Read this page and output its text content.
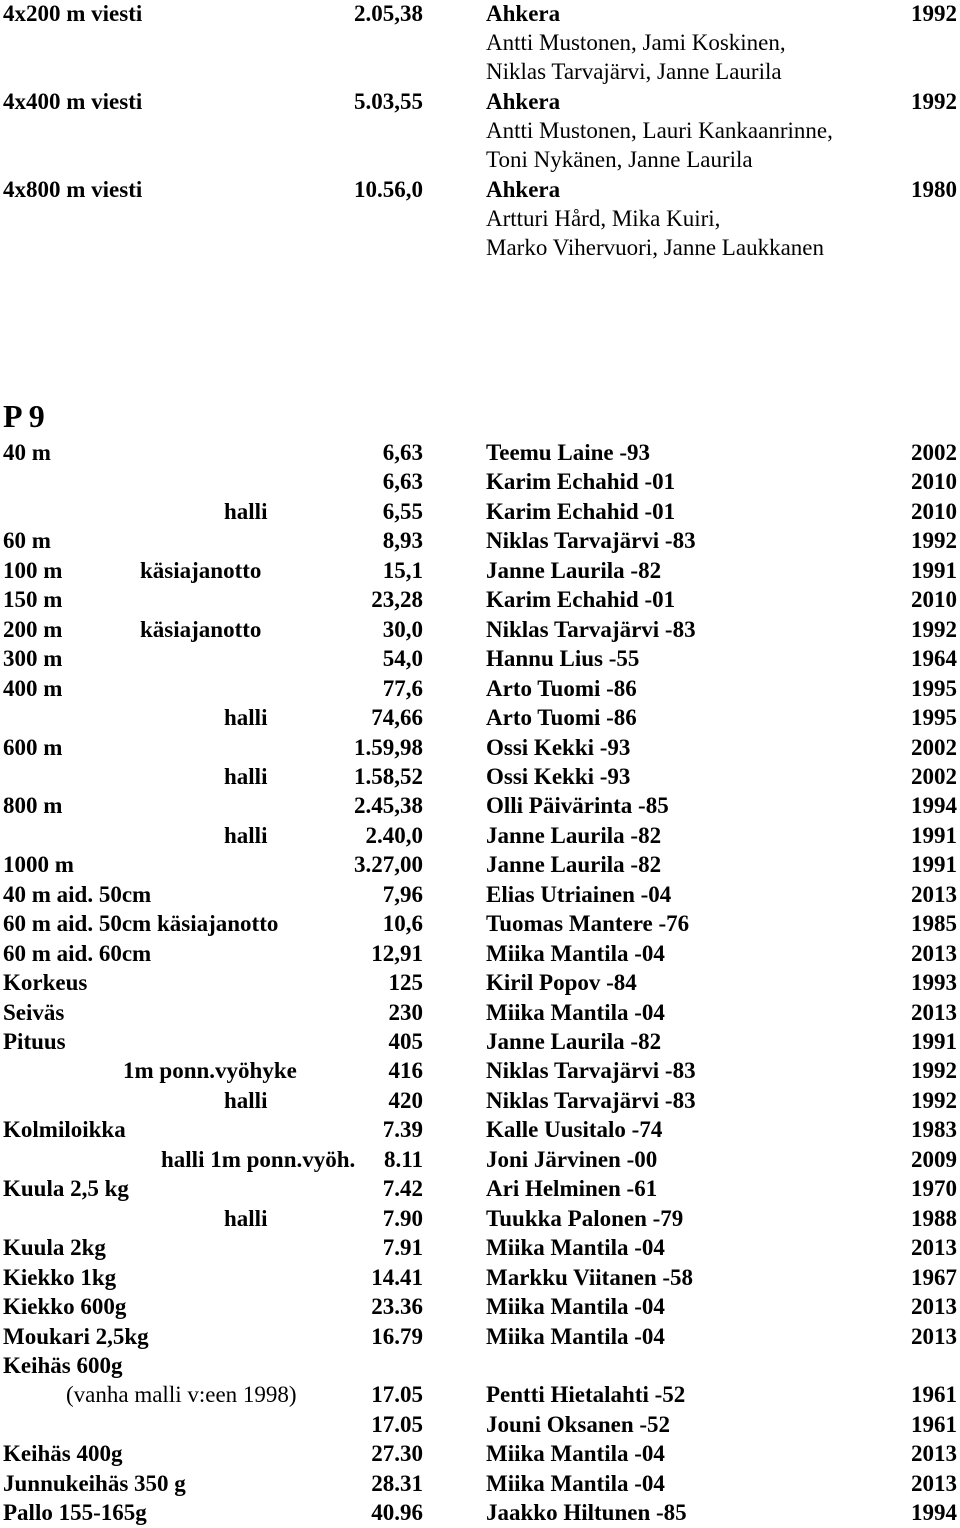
4x200 m viesti	2.05,38	Ahkera	1992
Antti Mustonen, Jami Koskinen,
Niklas Tarvajärvi, Janne Laurila
4x400 m viesti	5.03,55	Ahkera	1992
Antti Mustonen, Lauri Kankaanrinne,
Toni Nykänen, Janne Laurila
4x800 m viesti	10.56,0	Ahkera	1980
Artturi Hård, Mika Kuiri,
Marko Vihervuori, Janne Laukkanen
P 9
40 m	6,63	Teemu Laine -93	2002
6,63	Karim Echahid -01	2010
halli	6,55	Karim Echahid -01	2010
60 m	8,93	Niklas Tarvajärvi -83	1992
100 m	käsiajanotto	15,1	Janne Laurila -82	1991
150 m	23,28	Karim Echahid -01	2010
200 m	käsiajanotto	30,0	Niklas Tarvajärvi -83	1992
300 m	54,0	Hannu Lius -55	1964
400 m	77,6	Arto Tuomi -86	1995
halli	74,66	Arto Tuomi -86	1995
600 m	1.59,98	Ossi Kekki -93	2002
halli	1.58,52	Ossi Kekki -93	2002
800 m	2.45,38	Olli Päivärinta -85	1994
halli	2.40,0	Janne Laurila -82	1991
1000 m	3.27,00	Janne Laurila -82	1991
40 m aid. 50cm	7,96	Elias Utriainen -04	2013
60 m aid. 50cm käsiajanotto	10,6	Tuomas Mantere -76	1985
60 m aid. 60cm	12,91	Miika Mantila -04	2013
Korkeus	125	Kiril Popov -84	1993
Seiväs	230	Miika Mantila -04	2013
Pituus	405	Janne Laurila -82	1991
1m ponn.vyöhyke	416	Niklas Tarvajärvi -83	1992
halli	420	Niklas Tarvajärvi -83	1992
Kolmiloikka	7.39	Kalle Uusitalo -74	1983
halli 1m ponn.vyöh. 8.11	Joni Järvinen -00	2009
Kuula 2,5 kg	7.42	Ari Helminen -61	1970
halli	7.90	Tuukka Palonen -79	1988
Kuula 2kg	7.91	Miika Mantila -04	2013
Kiekko 1kg	14.41	Markku Viitanen -58	1967
Kiekko 600g	23.36	Miika Mantila -04	2013
Moukari 2,5kg	16.79	Miika Mantila -04	2013
Keihäs 600g
(vanha malli v:een 1998)	17.05	Pentti Hietalahti -52	1961
17.05	Jouni Oksanen -52	1961
Keihäs 400g	27.30	Miika Mantila -04	2013
Junnukeihäs 350 g	28.31	Miika Mantila -04	2013
Pallo 155-165g	40.96	Jaakko Hiltunen -85	1994
